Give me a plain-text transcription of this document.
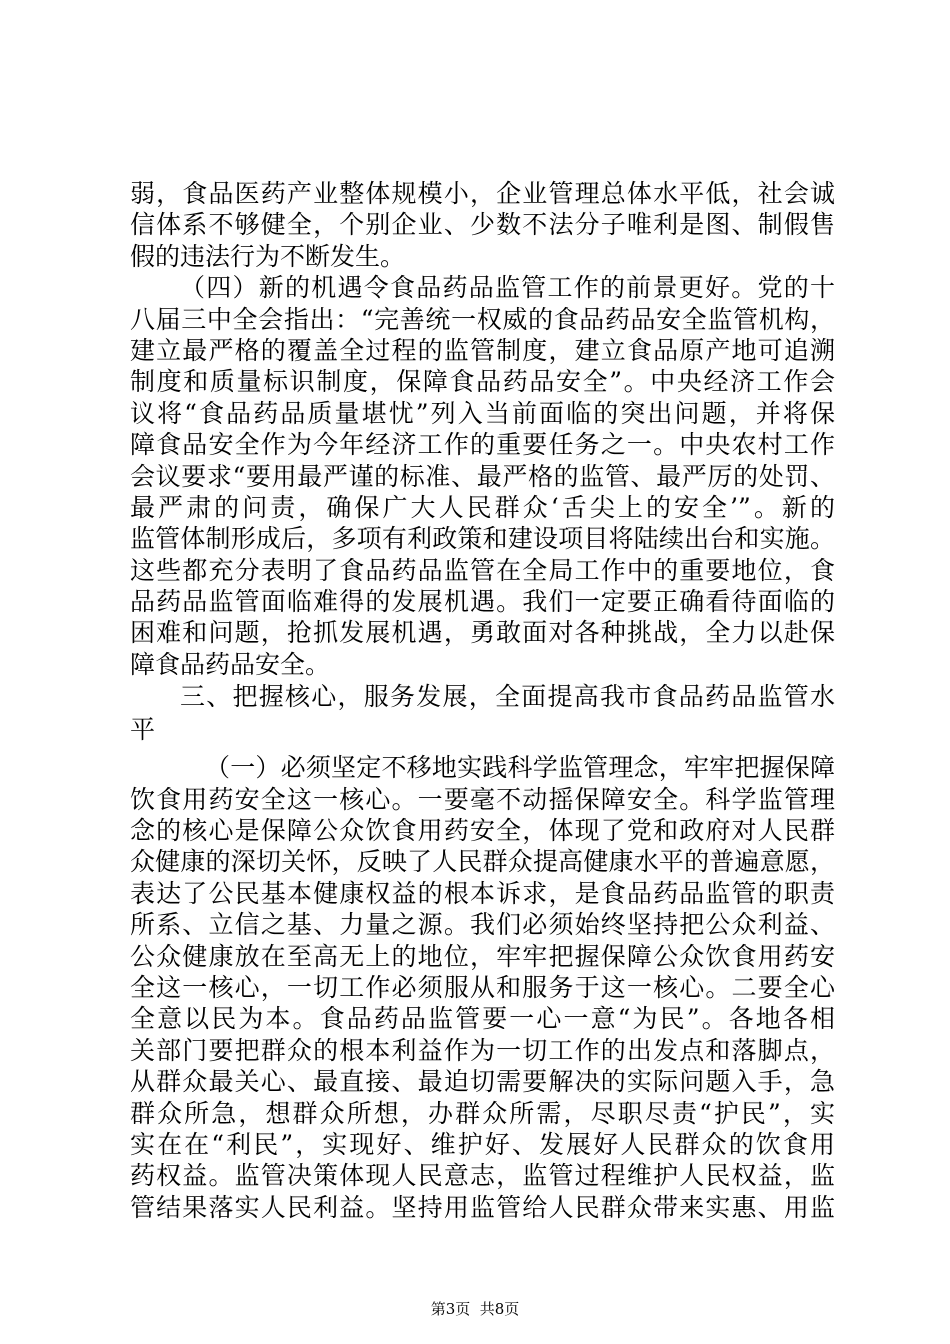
弱，食品医药产业整体规模小，企业管理总体水平低，社会诚
信体系不够健全，个别企业、少数不法分子唯利是图、制假售
假的违法行为不断发生。
（四）新的机遇令食品药品监管工作的前景更好。党的十
八届三中全会指出：“完善统一权威的食品药品安全监管机构，
建立最严格的覆盖全过程的监管制度，建立食品原产地可追溯
制度和质量标识制度，保障食品药品安全”。中央经济工作会
议将“食品药品质量堪忧”列入当前面临的突出问题，并将保
障食品安全作为今年经济工作的重要任务之一。中央农村工作
会议要求“要用最严谨的标准、最严格的监管、最严厉的处罚、
最严肃的问责，确保广大人民群众‘舌尖上的安全’”。新的
监管体制形成后，多项有利政策和建设项目将陆续出台和实施。
这些都充分表明了食品药品监管在全局工作中的重要地位，食
品药品监管面临难得的发展机遇。我们一定要正确看待面临的
困难和问题，抢抓发展机遇，勇敢面对各种挑战，全力以赴保
障食品药品安全。
三、把握核心，服务发展，全面提高我市食品药品监管水
平
（一）必须坚定不移地实践科学监管理念，牢牢把握保障
饮食用药安全这一核心。一要毫不动摇保障安全。科学监管理
念的核心是保障公众饮食用药安全，体现了党和政府对人民群
众健康的深切关怀，反映了人民群众提高健康水平的普遍意愿，
表达了公民基本健康权益的根本诉求，是食品药品监管的职责
所系、立信之基、力量之源。我们必须始终坚持把公众利益、
公众健康放在至高无上的地位，牢牢把握保障公众饮食用药安
全这一核心，一切工作必须服从和服务于这一核心。二要全心
全意以民为本。食品药品监管要一心一意“为民”。各地各相
关部门要把群众的根本利益作为一切工作的出发点和落脚点，
从群众最关心、最直接、最迫切需要解决的实际问题入手，急
群众所急，想群众所想，办群众所需，尽职尽责“护民”，实
实在在“利民”，实现好、维护好、发展好人民群众的饮食用
药权益。监管决策体现人民意志，监管过程维护人民权益，监
管结果落实人民利益。坚持用监管给人民群众带来实惠、用监
第3页  共8页
